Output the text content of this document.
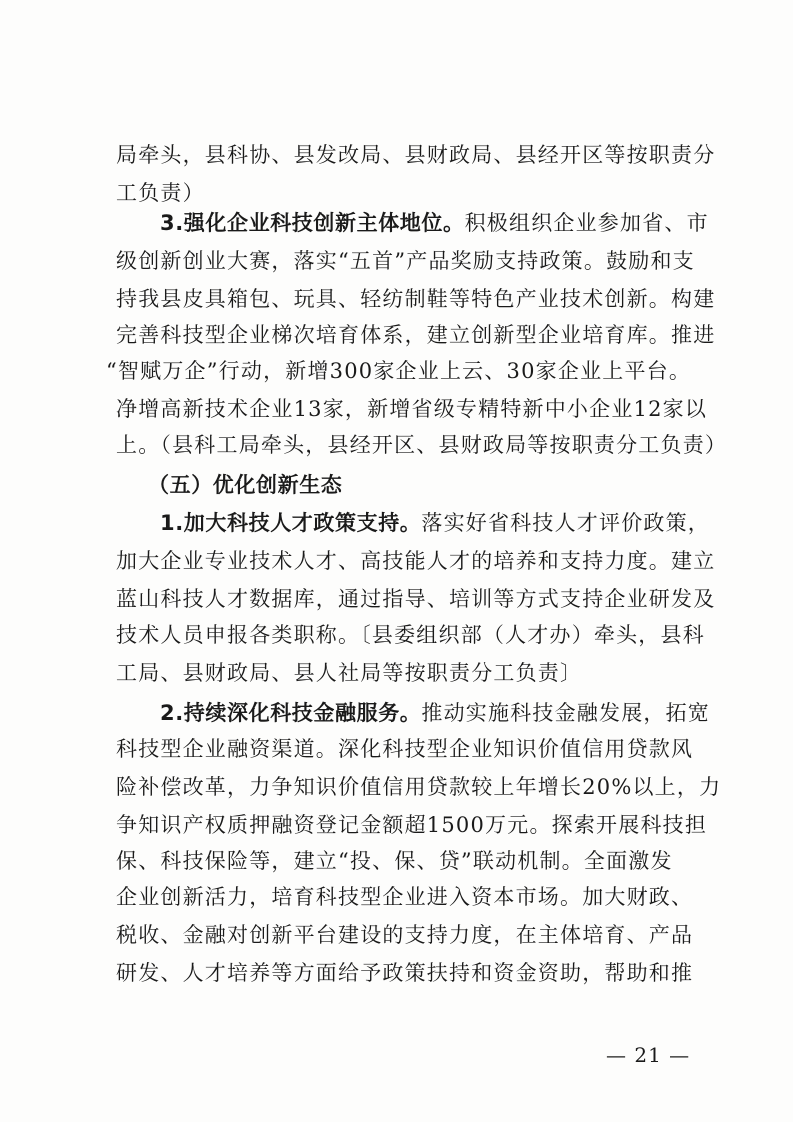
局牵头，县科协、县发改局、县财政局、县经开区等按职责分
工负责）
3.强化企业科技创新主体地位。积极组织企业参加省、市
级创新创业大赛，落实“五首”产品奖励支持政策。鼓励和支
持我县皮具箱包、玩具、轻纺制鞋等特色产业技术创新。构建
完善科技型企业梯次培育体系，建立创新型企业培育库。推进
“智赋万企”行动，新增300家企业上云、30家企业上平台。
净增高新技术企业13家，新增省级专精特新中小企业12家以
上。（县科工局牵头，县经开区、县财政局等按职责分工负责）
（五）优化创新生态
1.加大科技人才政策支持。落实好省科技人才评价政策，
加大企业专业技术人才、高技能人才的培养和支持力度。建立
蓝山科技人才数据库，通过指导、培训等方式支持企业研发及
技术人员申报各类职称。〔县委组织部（人才办）牵头，县科
工局、县财政局、县人社局等按职责分工负责〕
2.持续深化科技金融服务。推动实施科技金融发展，拓宽
科技型企业融资渠道。深化科技型企业知识价值信用贷款风
险补偿改革，力争知识价值信用贷款较上年增长20%以上，力
争知识产权质押融资登记金额超1500万元。探索开展科技担
保、科技保险等，建立“投、保、贷”联动机制。全面激发
企业创新活力，培育科技型企业进入资本市场。加大财政、
税收、金融对创新平台建设的支持力度，在主体培育、产品
研发、人才培养等方面给予政策扶持和资金资助，帮助和推
— 21 —
